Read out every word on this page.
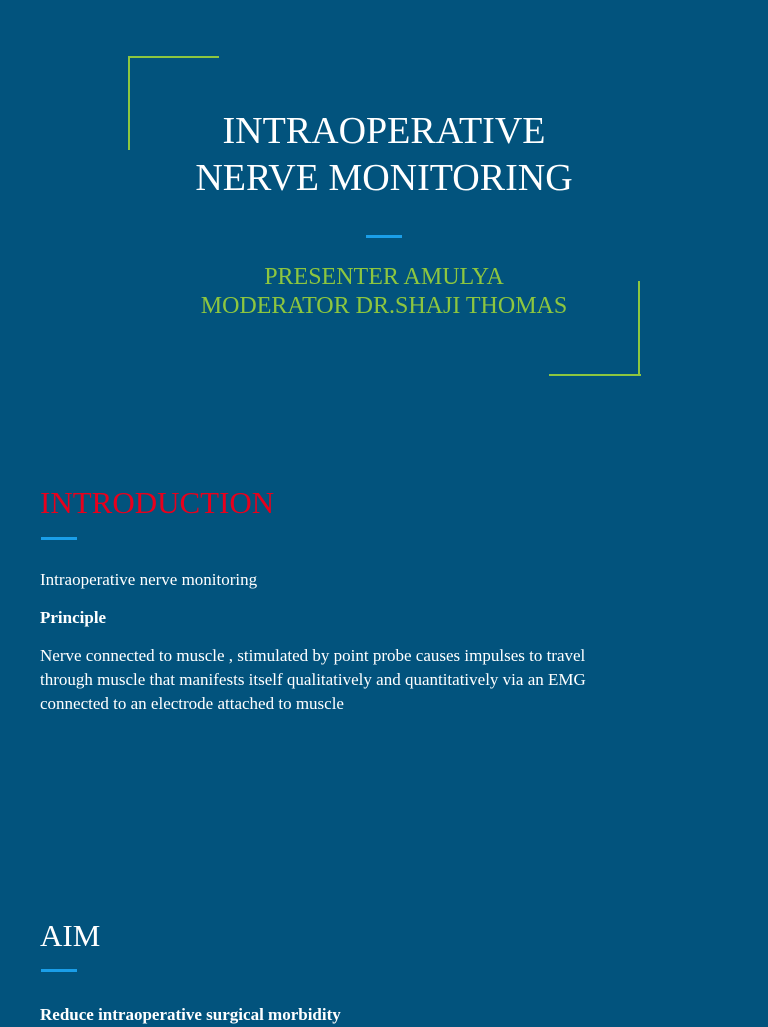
INTRAOPERATIVE
NERVE MONITORING
PRESENTER AMULYA
MODERATOR DR.SHAJI THOMAS
INTRODUCTION
Intraoperative nerve monitoring
Principle
Nerve connected to muscle , stimulated by point probe causes impulses to travel
through muscle that manifests itself qualitatively and quantitatively via an EMG
connected to an electrode attached to muscle
AIM
Reduce intraoperative surgical morbidity
